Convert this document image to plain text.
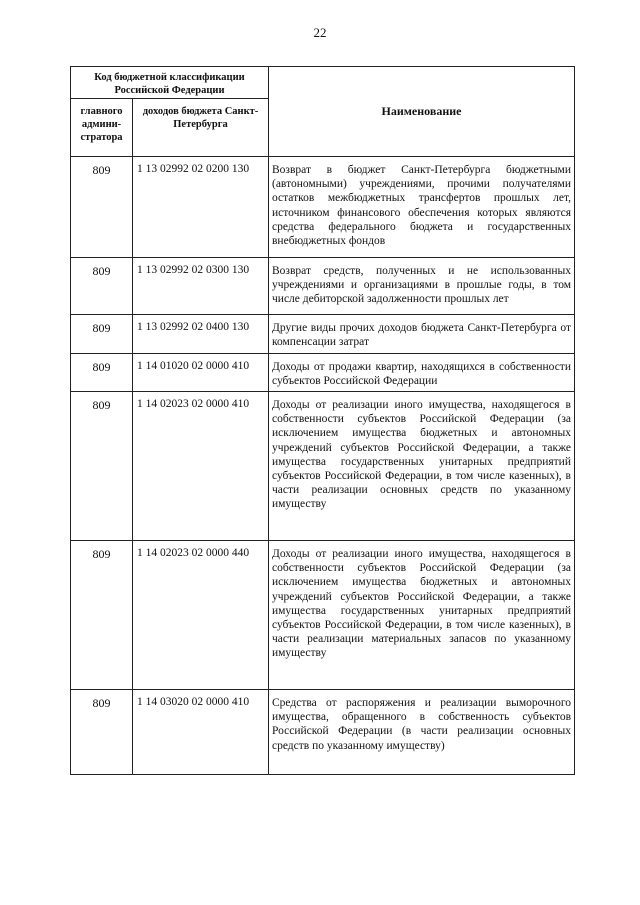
22
Код бюджетной классификации Российской Федерации		Наименование

главного админи- стратора	доходов бюджета Санкт-Петербурга	

809	1 13 02992 02 0200 130	Возврат в бюджет Санкт-Петербурга бюджетными (автономными) учреждениями, прочими получателями остатков межбюджетных трансфертов прошлых лет, источником финансового обеспечения которых являются средства федерального бюджета и государственных внебюджетных фондов

809	1 13 02992 02 0300 130	Возврат средств, полученных и не использованных учреждениями и организациями в прошлые годы, в том числе дебиторской задолженности прошлых лет

809	1 13 02992 02 0400 130	Другие виды прочих доходов бюджета Санкт-Петербурга от компенсации затрат

809	1 14 01020 02 0000 410	Доходы от продажи квартир, находящихся в собственности субъектов Российской Федерации

809	1 14 02023 02 0000 410	Доходы от реализации иного имущества, находящегося в собственности субъектов Российской Федерации (за исключением имущества бюджетных и автономных учреждений субъектов Российской Федерации, а также имущества государственных унитарных предприятий субъектов Российской Федерации, в том числе казенных), в части реализации основных средств по указанному имуществу

809	1 14 02023 02 0000 440	Доходы от реализации иного имущества, находящегося в собственности субъектов Российской Федерации (за исключением имущества бюджетных и автономных учреждений субъектов Российской Федерации, а также имущества государственных унитарных предприятий субъектов Российской Федерации, в том числе казенных), в части реализации материальных запасов по указанному имуществу

809	1 14 03020 02 0000 410	Средства от распоряжения и реализации выморочного имущества, обращенного в собственность субъектов Российской Федерации (в части реализации основных средств по указанному имуществу)
